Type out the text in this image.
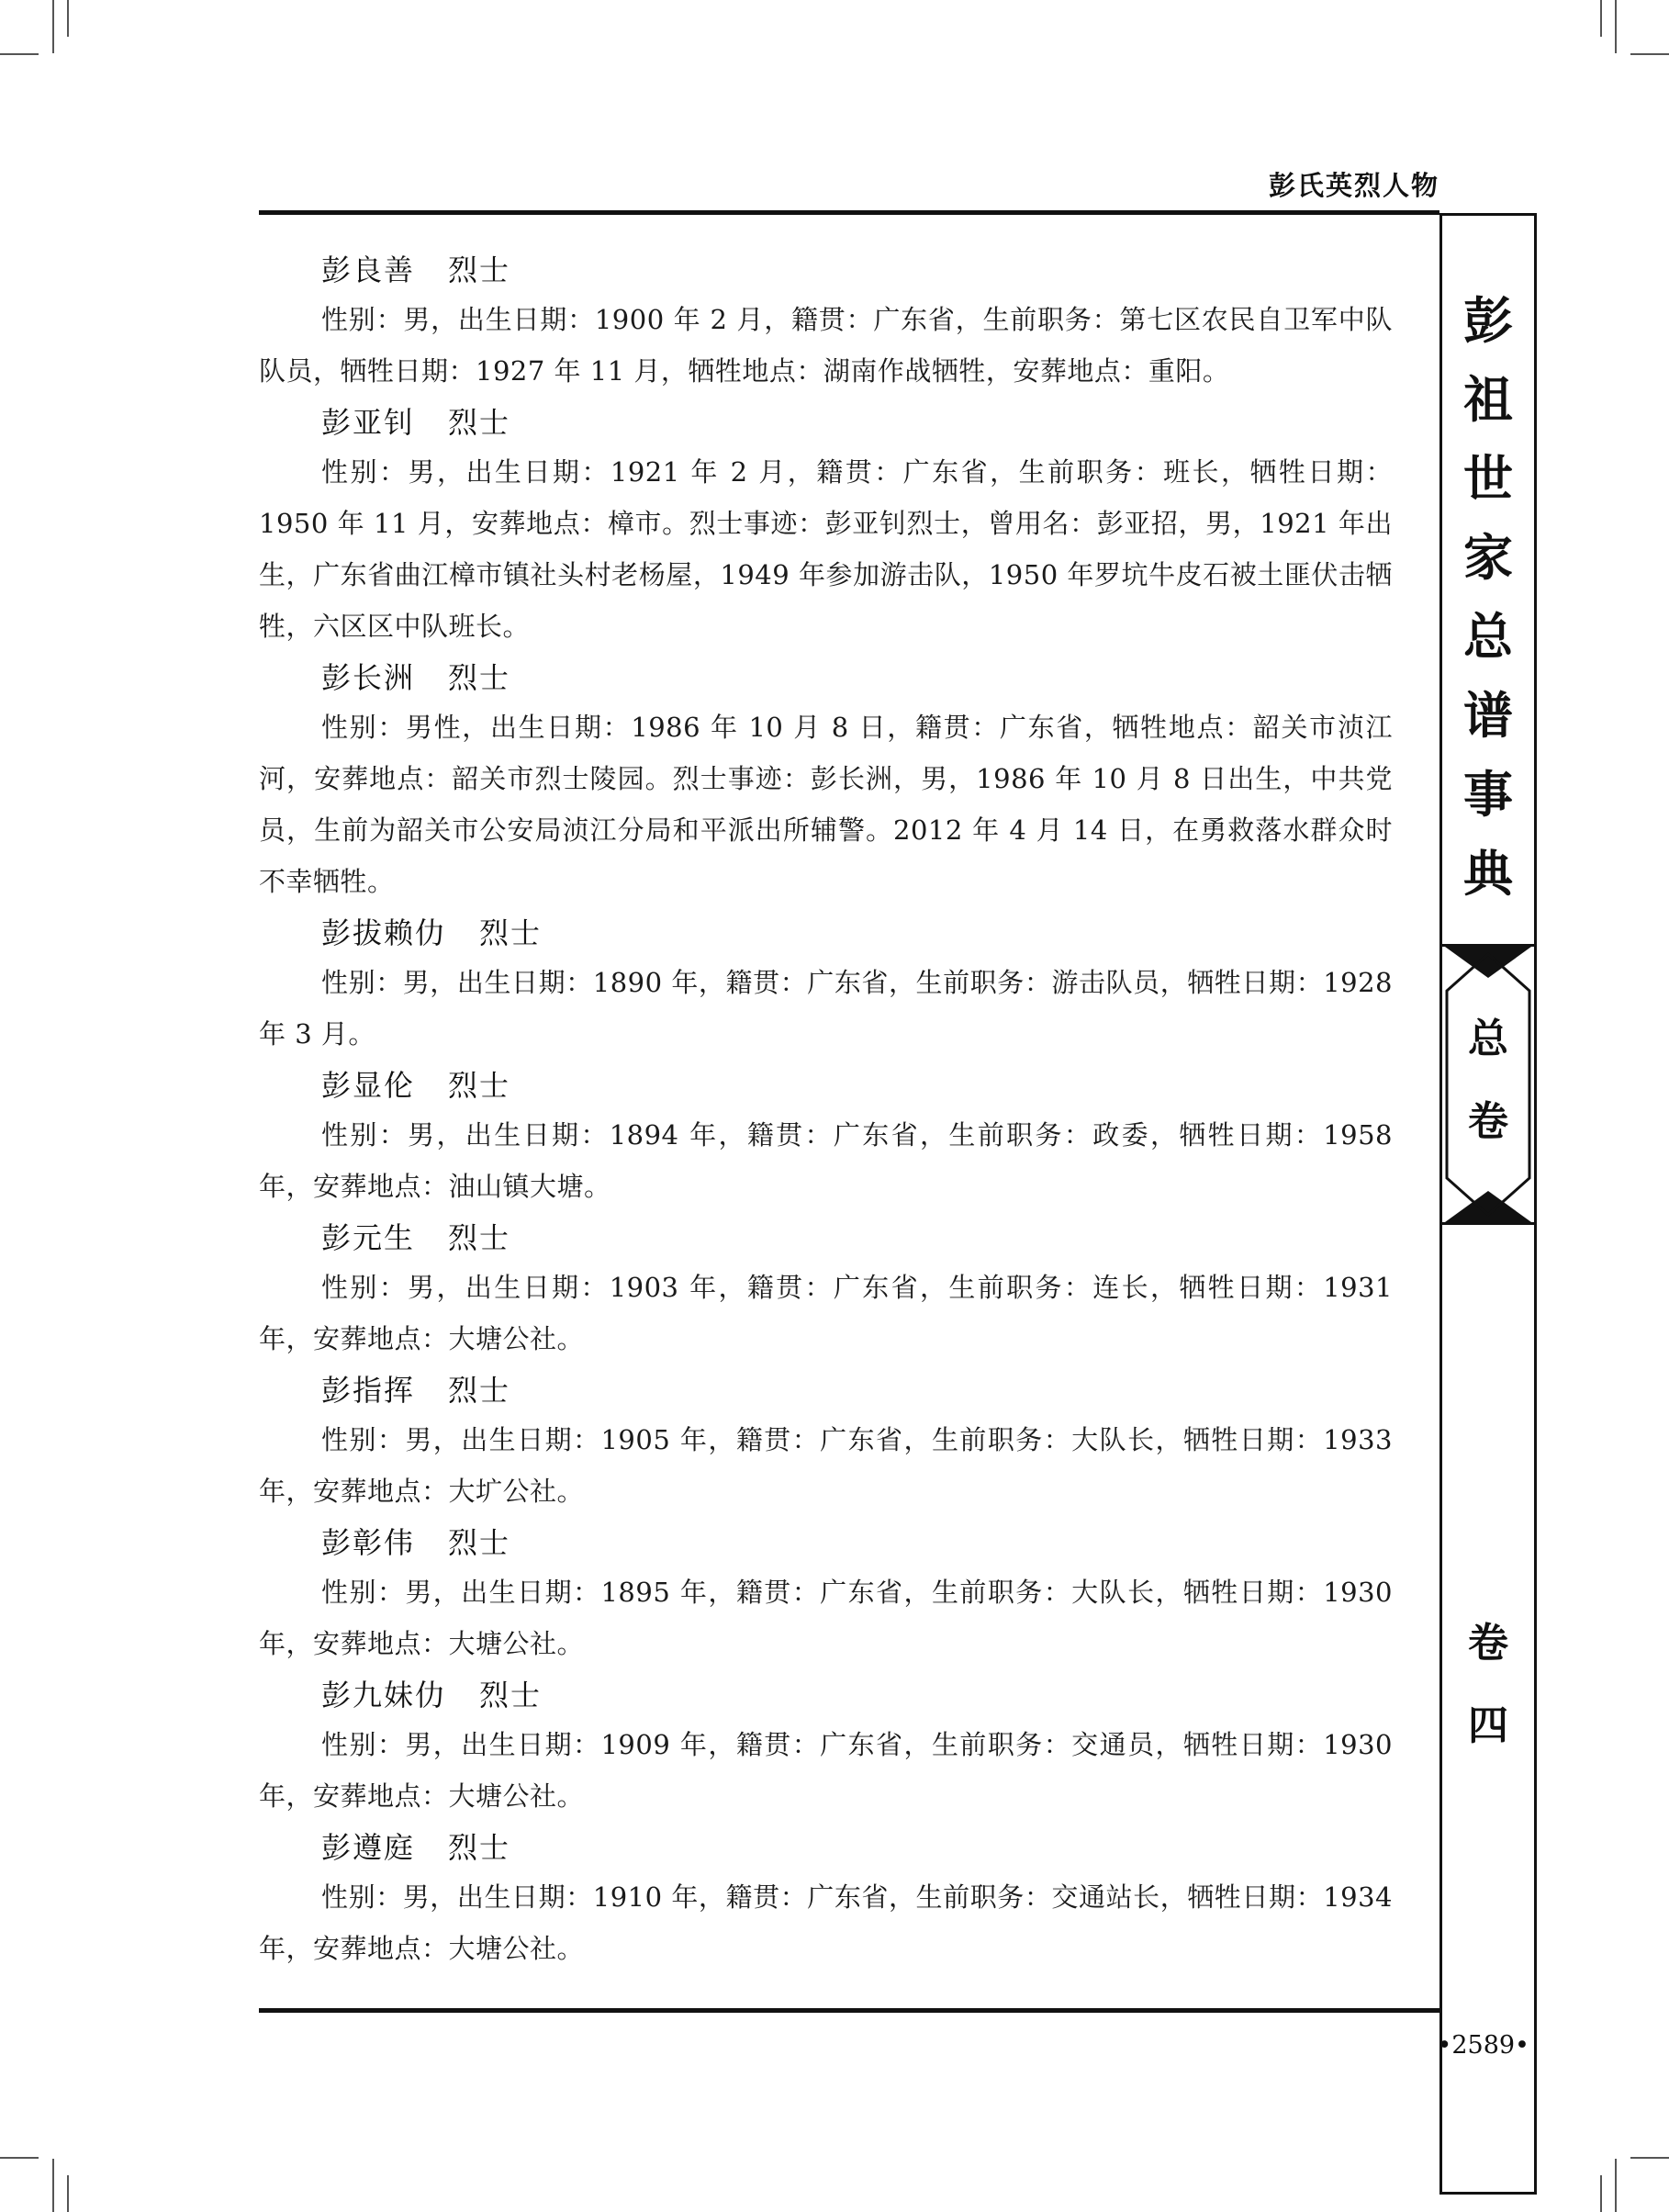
彭氏英烈人物
彭良善 烈士

性别：男，出生日期：1900 年 2 月，籍贯：广东省，生前职务：第七区农民自卫军中队队员，牺牲日期：1927 年 11 月，牺牲地点：湖南作战牺牲，安葬地点：重阳。

彭亚钊 烈士

性别：男，出生日期：1921 年 2 月，籍贯：广东省，生前职务：班长，牺牲日期：1950 年 11 月，安葬地点：樟市。烈士事迹：彭亚钊烈士，曾用名：彭亚招，男，1921 年出生，广东省曲江樟市镇社头村老杨屋，1949 年参加游击队，1950 年罗坑牛皮石被土匪伏击牺牲，六区区中队班长。

彭长洲 烈士

性别：男性，出生日期：1986 年 10 月 8 日，籍贯：广东省，牺牲地点：韶关市浈江河，安葬地点：韶关市烈士陵园。烈士事迹：彭长洲，男，1986 年 10 月 8 日出生，中共党员，生前为韶关市公安局浈江分局和平派出所辅警。2012 年 4 月 14 日，在勇救落水群众时不幸牺牲。

彭拔赖仂 烈士

性别：男，出生日期：1890 年，籍贯：广东省，生前职务：游击队员，牺牲日期：1928 年 3 月。

彭显伦 烈士

性别：男，出生日期：1894 年，籍贯：广东省，生前职务：政委，牺牲日期：1958 年，安葬地点：油山镇大塘。

彭元生 烈士

性别：男，出生日期：1903 年，籍贯：广东省，生前职务：连长，牺牲日期：1931 年，安葬地点：大塘公社。

彭指挥 烈士

性别：男，出生日期：1905 年，籍贯：广东省，生前职务：大队长，牺牲日期：1933 年，安葬地点：大圹公社。

彭彰伟 烈士

性别：男，出生日期：1895 年，籍贯：广东省，生前职务：大队长，牺牲日期：1930 年，安葬地点：大塘公社。

彭九妹仂 烈士

性别：男，出生日期：1909 年，籍贯：广东省，生前职务：交通员，牺牲日期：1930 年，安葬地点：大塘公社。

彭遵庭 烈士

性别：男，出生日期：1910 年，籍贯：广东省，生前职务：交通站长，牺牲日期：1934 年，安葬地点：大塘公社。

彭
祖
世
家
总
谱
事
典
总
卷
卷
四
•2589•
